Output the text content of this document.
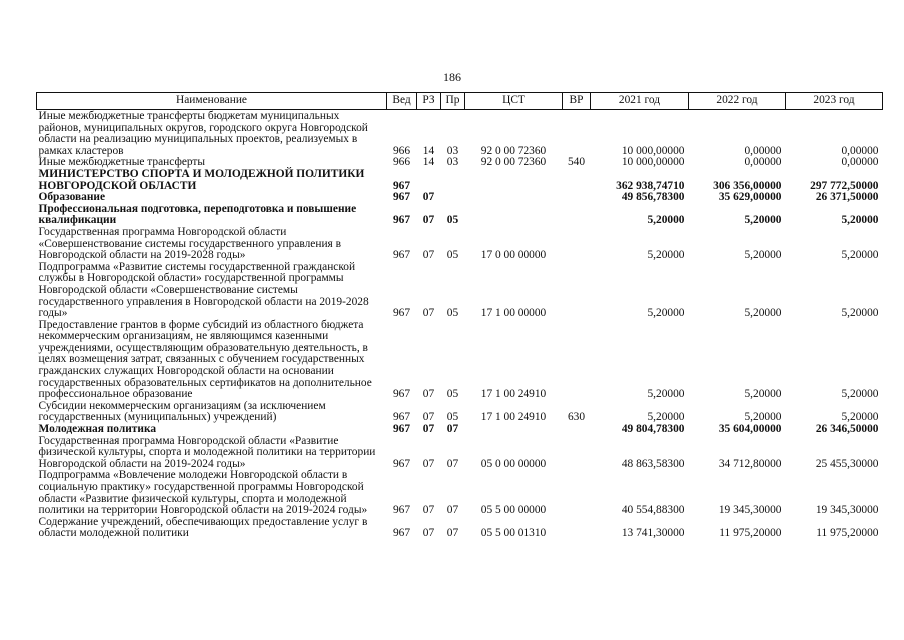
186
Наименование	Вед	РЗ	Пр	ЦСТ	ВР	2021 год	2022 год	2023 год
Иные межбюджетные трансферты бюджетам муниципальных районов, муниципальных округов, городского округа Новгородской области на реализацию муниципальных проектов, реализуемых в рамках кластеров	966	14	03	92 0 00 72360		10 000,00000	0,00000	0,00000
Иные межбюджетные трансферты	966	14	03	92 0 00 72360	540	10 000,00000	0,00000	0,00000
МИНИСТЕРСТВО СПОРТА И МОЛОДЕЖНОЙ ПОЛИТИКИ НОВГОРОДСКОЙ ОБЛАСТИ	967					362 938,74710	306 356,00000	297 772,50000
Образование	967	07				49 856,78300	35 629,00000	26 371,50000
Профессиональная подготовка, переподготовка и повышение квалификации	967	07	05			5,20000	5,20000	5,20000
Государственная программа Новгородской области «Совершенствование системы государственного управления в Новгородской области на 2019-2028 годы»	967	07	05	17 0 00 00000		5,20000	5,20000	5,20000
Подпрограмма «Развитие системы государственной гражданской службы в Новгородской области» государственной программы Новгородской области «Совершенствование системы государственного управления в Новгородской области на 2019-2028 годы»	967	07	05	17 1 00 00000		5,20000	5,20000	5,20000
Предоставление грантов в форме субсидий из областного бюджета некоммерческим организациям, не являющимся казенными учреждениями, осуществляющим образовательную деятельность, в целях возмещения затрат, связанных с обучением государственных гражданских служащих Новгородской области на основании государственных образовательных сертификатов на дополнительное профессиональное образование	967	07	05	17 1 00 24910		5,20000	5,20000	5,20000
Субсидии некоммерческим организациям (за исключением государственных (муниципальных) учреждений)	967	07	05	17 1 00 24910	630	5,20000	5,20000	5,20000
Молодежная политика	967	07	07			49 804,78300	35 604,00000	26 346,50000
Государственная программа Новгородской области «Развитие физической культуры, спорта и молодежной политики на территории Новгородской области на 2019-2024 годы»	967	07	07	05 0 00 00000		48 863,58300	34 712,80000	25 455,30000
Подпрограмма «Вовлечение молодежи Новгородской области в социальную практику» государственной программы Новгородской области «Развитие физической культуры, спорта и молодежной политики на территории Новгородской области на 2019-2024 годы»	967	07	07	05 5 00 00000		40 554,88300	19 345,30000	19 345,30000
Содержание учреждений, обеспечивающих предоставление услуг в области молодежной политики	967	07	07	05 5 00 01310		13 741,30000	11 975,20000	11 975,20000
